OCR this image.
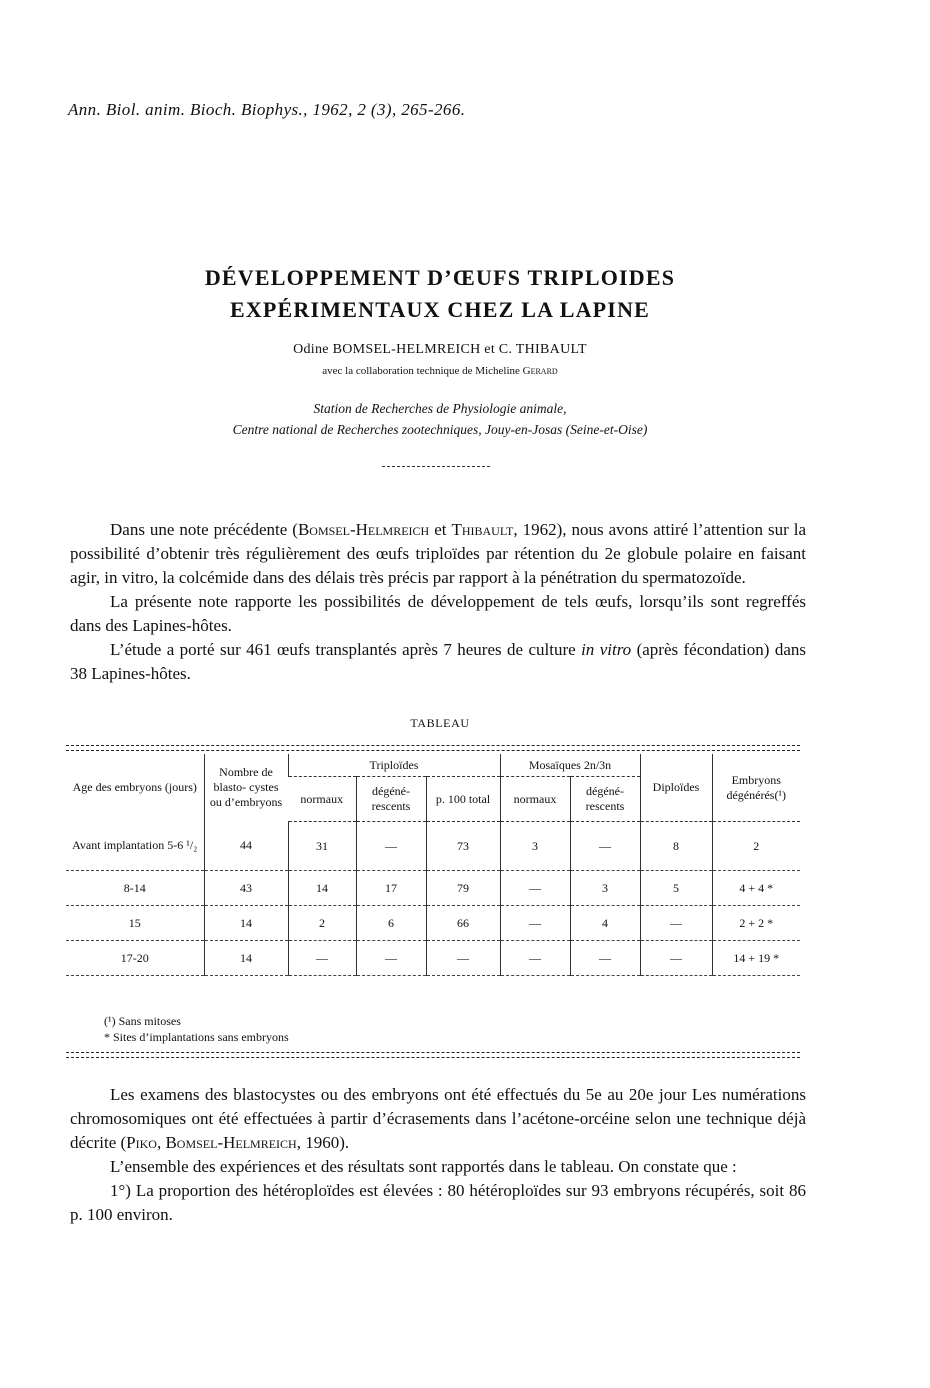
Ann. Biol. anim. Bioch. Biophys., 1962, 2 (3), 265-266.
DÉVELOPPEMENT D’ŒUFS TRIPLOIDES
EXPÉRIMENTAUX CHEZ LA LAPINE
Odine BOMSEL-HELMREICH et C. THIBAULT
avec la collaboration technique de Micheline Gerard
Station de Recherches de Physiologie animale,
Centre national de Recherches zootechniques, Jouy-en-Josas (Seine-et-Oise)

Dans une note précédente (Bomsel-Helmreich et Thibault, 1962), nous avons attiré l’attention sur la possibilité d’obtenir très régulièrement des œufs triploïdes par rétention du 2e globule polaire en faisant agir, in vitro, la colcémide dans des délais très précis par rapport à la pénétration du spermatozoïde.

La présente note rapporte les possibilités de développement de tels œufs, lorsqu’ils sont regreffés dans des Lapines-hôtes.

L’étude a porté sur 461 œufs transplantés après 7 heures de culture in vitro (après fécondation) dans 38 Lapines-hôtes.

TABLEAU
Age des embryons (jours)	Nombre de blasto- cystes ou d’embryons	Triploïdes			Mosaïques 2n/3n		Diploïdes	Embryons dégénérés(¹)
		normaux	dégéné- rescents	p. 100 total	normaux	dégéné- rescents		
Avant implantation 5-6 ¹/₂	44	31	—	73	3	—	8	2
8-14	43	14	17	79	—	3	5	4 + 4 *
15	14	2	6	66	—	4	—	2 + 2 *
17-20	14	—	—	—	—	—	—	14 + 19 *
(¹) Sans mitoses
* Sites d’implantations sans embryons

Les examens des blastocystes ou des embryons ont été effectués du 5e au 20e jour Les numérations chromosomiques ont été effectuées à partir d’écrasements dans l’acétone-orcéine selon une technique déjà décrite (Piko, Bomsel-Helmreich, 1960).

L’ensemble des expériences et des résultats sont rapportés dans le tableau. On constate que :

1°) La proportion des hétéroploïdes est élevées : 80 hétéroploïdes sur 93 embryons récupérés, soit 86 p. 100 environ.
